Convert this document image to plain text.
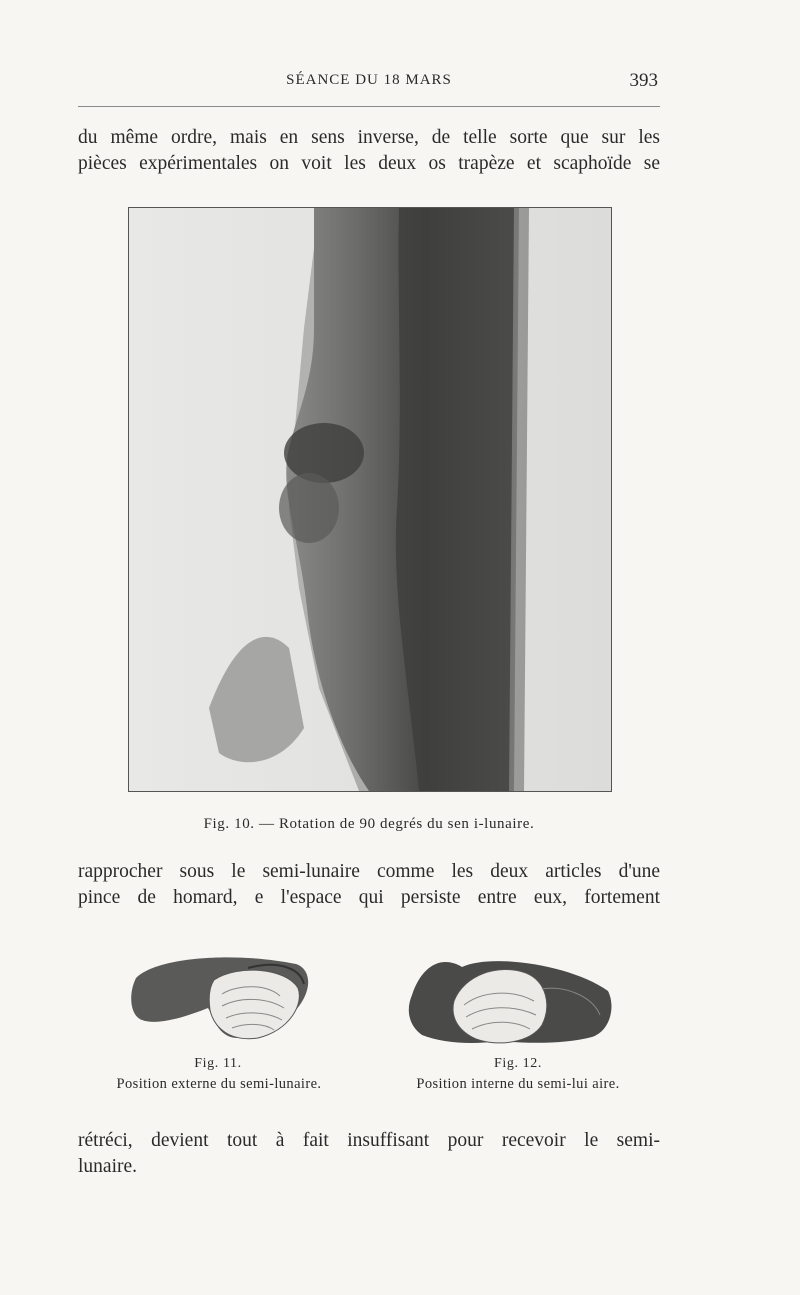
SÉANCE DU 18 MARS	393
du même ordre, mais en sens inverse, de telle sorte que sur les
pièces expérimentales on voit les deux os trapèze et scaphoïde se
Fig. 10. — Rotation de 90 degrés du sen i-lunaire.
rapprocher sous le semi-lunaire comme les deux articles d'une
pince de homard, e l'espace qui persiste entre eux, fortement
Fig. 11.
Position externe du semi-lunaire.
Fig. 12.
Position interne du semi-lui aire.
rétréci, devient tout à fait insuffisant pour recevoir le semi-
lunaire.
